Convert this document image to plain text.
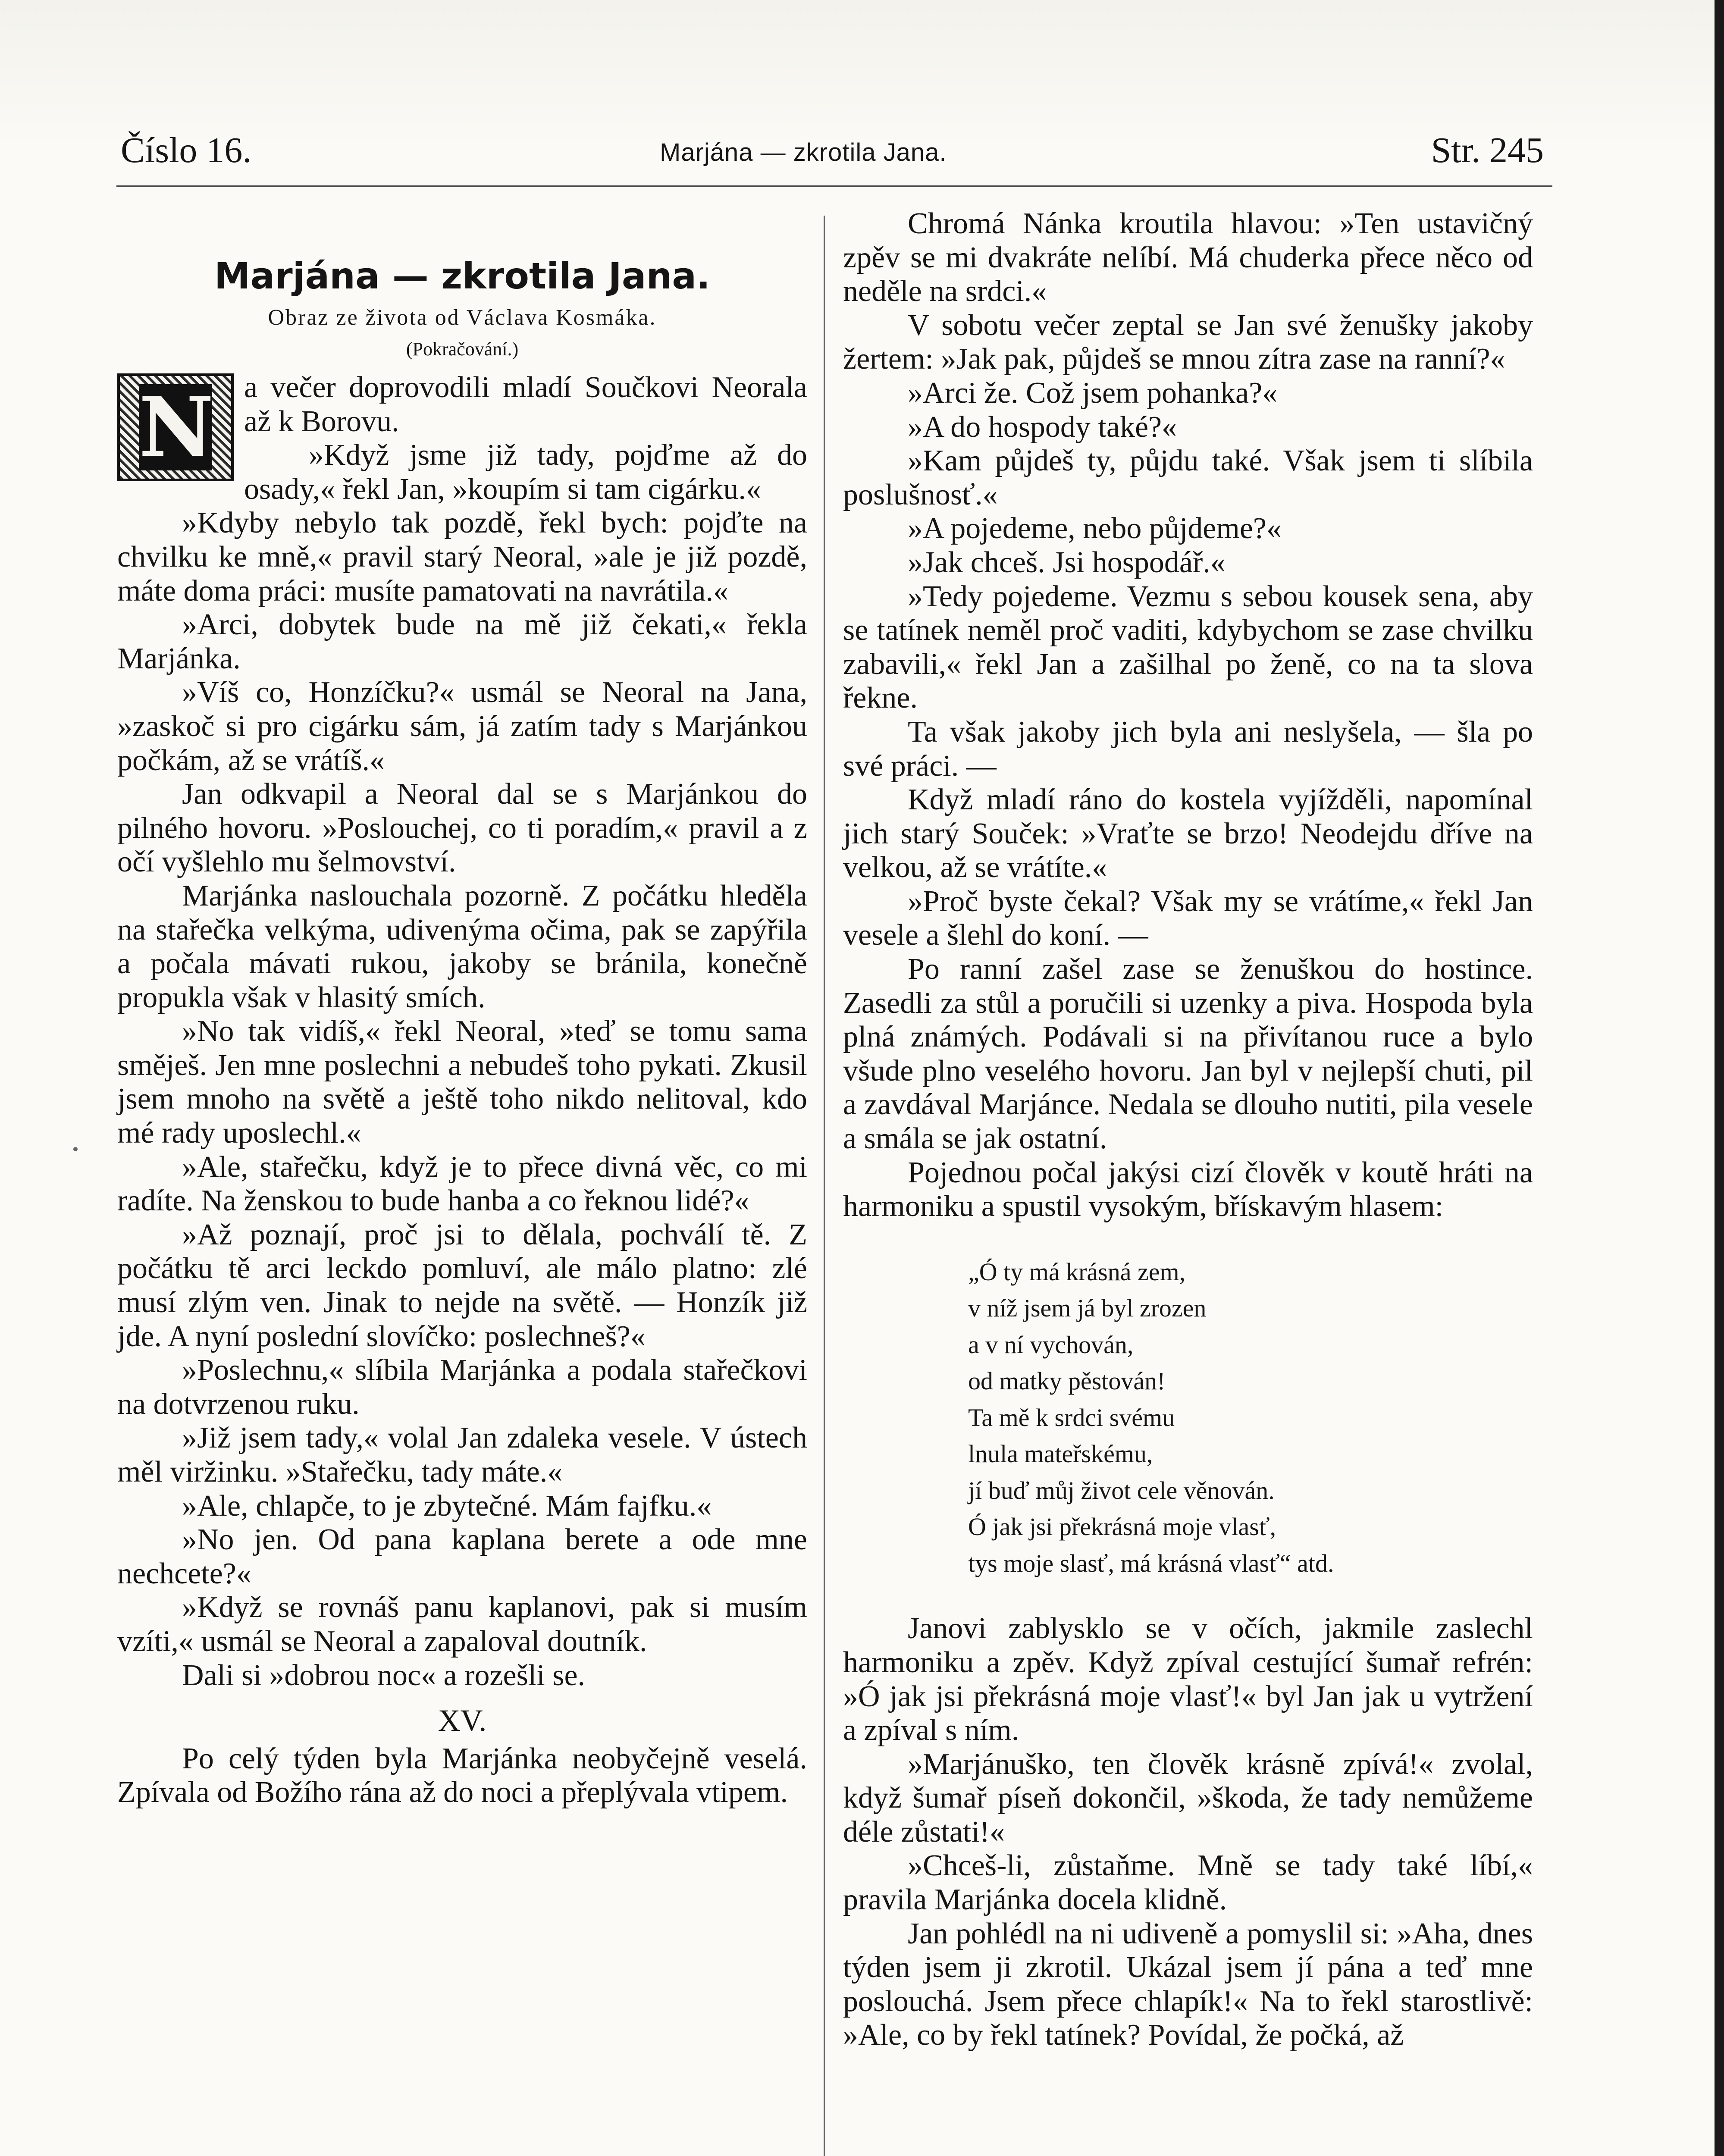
Číslo 16.	Marjána — zkrotila Jana.	Str. 245
Marjána — zkrotila Jana.
Obraz ze života od Václava Kosmáka.
(Pokračování.)
N	a večer doprovodili mladí Součkovi Neorala až k Borovu.

»Když jsme již tady, pojďme až do osady,« řekl Jan, »koupím si tam cigárku.«

»Kdyby nebylo tak pozdě, řekl bych: pojďte na chvilku ke mně,« pravil starý Neoral, »ale je již pozdě, máte doma práci: musíte pamatovati na navrátila.«

»Arci, dobytek bude na mě již čekati,« řekla Marjánka.

»Víš co, Honzíčku?« usmál se Neoral na Jana, »zaskoč si pro cigárku sám, já zatím tady s Marjánkou počkám, až se vrátíš.«

Jan odkvapil a Neoral dal se s Marjánkou do pilného hovoru. »Poslouchej, co ti poradím,« pravil a z očí vyšlehlo mu šelmovství.

Marjánka naslouchala pozorně. Z počátku hleděla na stařečka velkýma, udivenýma očima, pak se zapýřila a počala mávati rukou, jakoby se bránila, konečně propukla však v hlasitý smích.

»No tak vidíš,« řekl Neoral, »teď se tomu sama směješ. Jen mne poslechni a nebudeš toho pykati. Zkusil jsem mnoho na světě a ještě toho nikdo nelitoval, kdo mé rady uposlechl.«

»Ale, stařečku, když je to přece divná věc, co mi radíte. Na ženskou to bude hanba a co řeknou lidé?«

»Až poznají, proč jsi to dělala, pochválí tě. Z počátku tě arci leckdo pomluví, ale málo platno: zlé musí zlým ven. Jinak to nejde na světě. — Honzík již jde. A nyní poslední slovíčko: poslechneš?«

»Poslechnu,« slíbila Marjánka a podala stařečkovi na dotvrzenou ruku.

»Již jsem tady,« volal Jan zdaleka vesele. V ústech měl viržinku. »Stařečku, tady máte.«

»Ale, chlapče, to je zbytečné. Mám fajfku.«

»No jen. Od pana kaplana berete a ode mne nechcete?«

»Když se rovnáš panu kaplanovi, pak si musím vzíti,« usmál se Neoral a zapaloval doutník.

Dali si »dobrou noc« a rozešli se.

XV.

Po celý týden byla Marjánka neobyčejně veselá. Zpívala od Božího rána až do noci a přeplývala vtipem.

Chromá Nánka kroutila hlavou: »Ten ustavičný zpěv se mi dvakráte nelíbí. Má chuderka přece něco od neděle na srdci.«

V sobotu večer zeptal se Jan své ženušky jakoby žertem: »Jak pak, půjdeš se mnou zítra zase na ranní?«

»Arci že. Což jsem pohanka?«

»A do hospody také?«

»Kam půjdeš ty, půjdu také. Však jsem ti slíbila poslušnosť.«

»A pojedeme, nebo půjdeme?«

»Jak chceš. Jsi hospodář.«

»Tedy pojedeme. Vezmu s sebou kousek sena, aby se tatínek neměl proč vaditi, kdybychom se zase chvilku zabavili,« řekl Jan a zašilhal po ženě, co na ta slova řekne.

Ta však jakoby jich byla ani neslyšela, — šla po své práci. —

Když mladí ráno do kostela vyjížděli, napomínal jich starý Souček: »Vraťte se brzo! Neodejdu dříve na velkou, až se vrátíte.«

»Proč byste čekal? Však my se vrátíme,« řekl Jan vesele a šlehl do koní. —

Po ranní zašel zase se ženuškou do hostince. Zasedli za stůl a poručili si uzenky a piva. Hospoda byla plná známých. Podávali si na přivítanou ruce a bylo všude plno veselého hovoru. Jan byl v nejlepší chuti, pil a zavdával Marjánce. Nedala se dlouho nutiti, pila vesele a smála se jak ostatní.

Pojednou počal jakýsi cizí člověk v koutě hráti na harmoniku a spustil vysokým, břískavým hlasem:

„Ó ty má krásná zem,
v níž jsem já byl zrozen
a v ní vychován,
od matky pěstován!
Ta mě k srdci svému
lnula mateřskému,
jí buď můj život cele věnován.
Ó jak jsi překrásná moje vlasť,
tys moje slasť, má krásná vlasť“ atd.

Janovi zablysklo se v očích, jakmile zaslechl harmoniku a zpěv. Když zpíval cestující šumař refrén: »Ó jak jsi překrásná moje vlasť!« byl Jan jak u vytržení a zpíval s ním.

»Marjánuško, ten člověk krásně zpívá!« zvolal, když šumař píseň dokončil, »škoda, že tady nemůžeme déle zůstati!«

»Chceš-li, zůstaňme. Mně se tady také líbí,« pravila Marjánka docela klidně.

Jan pohlédl na ni udiveně a pomyslil si: »Aha, dnes týden jsem ji zkrotil. Ukázal jsem jí pána a teď mne poslouchá. Jsem přece chlapík!« Na to řekl starostlivě: »Ale, co by řekl tatínek? Povídal, že počká, až
